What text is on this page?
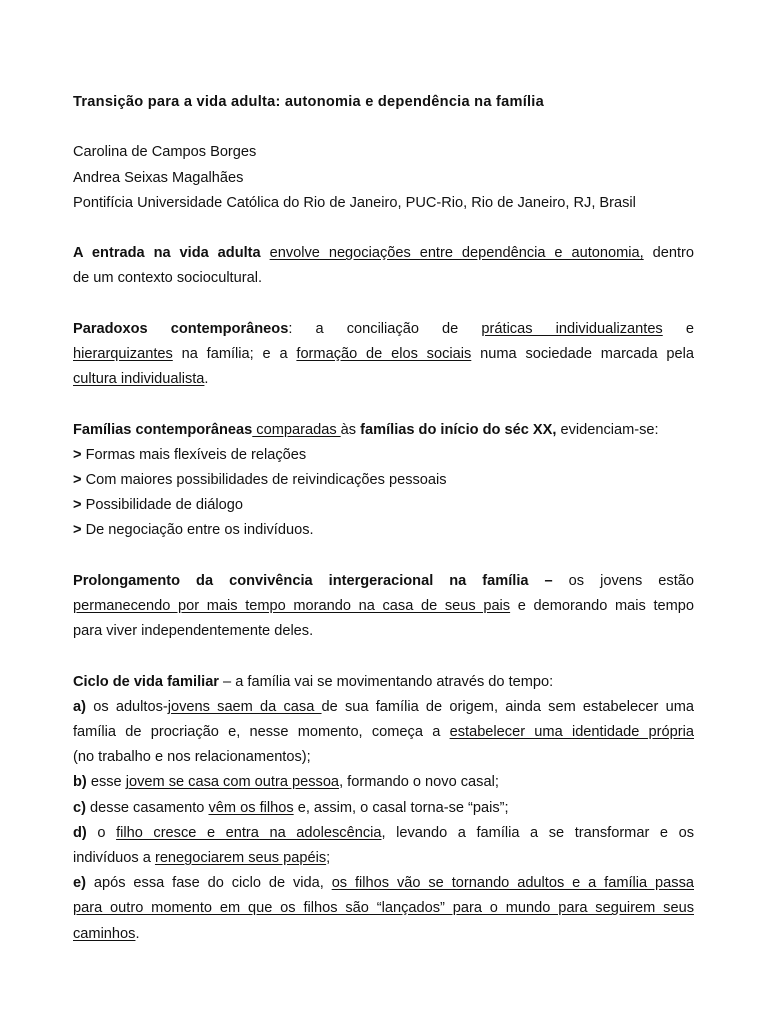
Transição para a vida adulta: autonomia e dependência na família

Carolina de Campos Borges

Andrea Seixas Magalhães

Pontifícia Universidade Católica do Rio de Janeiro, PUC-Rio, Rio de Janeiro, RJ, Brasil

A entrada na vida adulta envolve negociações entre dependência e autonomia, dentro

de um contexto sociocultural.

Paradoxos contemporâneos: a conciliação de práticas individualizantes e

hierarquizantes na família; e a formação de elos sociais numa sociedade marcada pela

cultura individualista.

Famílias contemporâneas comparadas às famílias do início do séc XX, evidenciam-se:

> Formas mais flexíveis de relações

> Com maiores possibilidades de reivindicações pessoais

> Possibilidade de diálogo

> De negociação entre os indivíduos.

Prolongamento da convivência intergeracional na família – os jovens estão

permanecendo por mais tempo morando na casa de seus pais e demorando mais tempo

para viver independentemente deles.

Ciclo de vida familiar – a família vai se movimentando através do tempo:

a) os adultos-jovens saem da casa de sua família de origem, ainda sem estabelecer uma

família de procriação e, nesse momento, começa a estabelecer uma identidade própria

(no trabalho e nos relacionamentos);

b) esse jovem se casa com outra pessoa, formando o novo casal;

c) desse casamento vêm os filhos e, assim, o casal torna-se “pais”;

d) o filho cresce e entra na adolescência, levando a família a se transformar e os

indivíduos a renegociarem seus papéis;

e) após essa fase do ciclo de vida, os filhos vão se tornando adultos e a família passa

para outro momento em que os filhos são “lançados” para o mundo para seguirem seus

caminhos.
